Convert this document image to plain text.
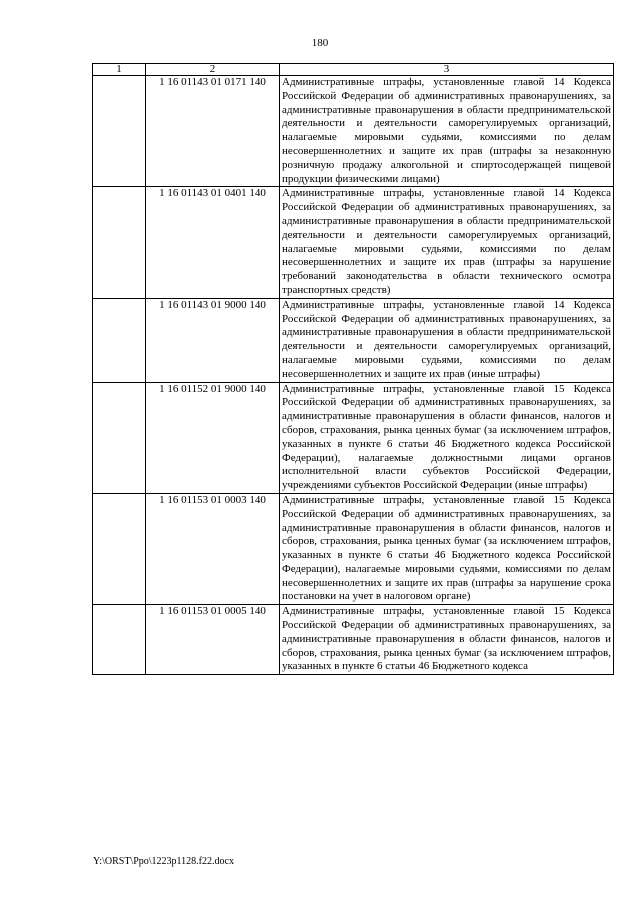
180
1	2	3
	1 16 01143 01 0171 140	Административные штрафы, установленные главой 14 Кодекса Российской Федерации об административных правонарушениях, за административные правонарушения в области предпринимательской деятельности и деятельности саморегулируемых организаций, налагаемые мировыми судьями, комиссиями по делам несовершеннолетних и защите их прав (штрафы за незаконную розничную продажу алкогольной и спиртосодержащей пищевой продукции физическими лицами)
	1 16 01143 01 0401 140	Административные штрафы, установленные главой 14 Кодекса Российской Федерации об административных правонарушениях, за административные правонарушения в области предпринимательской деятельности и деятельности саморегулируемых организаций, налагаемые мировыми судьями, комиссиями по делам несовершеннолетних и защите их прав (штрафы за нарушение требований законодательства в области технического осмотра транспортных средств)
	1 16 01143 01 9000 140	Административные штрафы, установленные главой 14 Кодекса Российской Федерации об административных правонарушениях, за административные правонарушения в области предпринимательской деятельности и деятельности саморегулируемых организаций, налагаемые мировыми судьями, комиссиями по делам несовершеннолетних и защите их прав (иные штрафы)
	1 16 01152 01 9000 140	Административные штрафы, установленные главой 15 Кодекса Российской Федерации об административных правонарушениях, за административные правонарушения в области финансов, налогов и сборов, страхования, рынка ценных бумаг (за исключением штрафов, указанных в пункте 6 статьи 46 Бюджетного кодекса Российской Федерации), налагаемые должностными лицами органов исполнительной власти субъектов Российской Федерации, учреждениями субъектов Российской Федерации (иные штрафы)
	1 16 01153 01 0003 140	Административные штрафы, установленные главой 15 Кодекса Российской Федерации об административных правонарушениях, за административные правонарушения в области финансов, налогов и сборов, страхования, рынка ценных бумаг (за исключением штрафов, указанных в пункте 6 статьи 46 Бюджетного кодекса Российской Федерации), налагаемые мировыми судьями, комиссиями по делам несовершеннолетних и защите их прав (штрафы за нарушение срока постановки на учет в налоговом органе)
	1 16 01153 01 0005 140	Административные штрафы, установленные главой 15 Кодекса Российской Федерации об административных правонарушениях, за административные правонарушения в области финансов, налогов и сборов, страхования, рынка ценных бумаг (за исключением штрафов, указанных в пункте 6 статьи 46 Бюджетного кодекса
Y:\ORST\Ppo\1223p1128.f22.docx
